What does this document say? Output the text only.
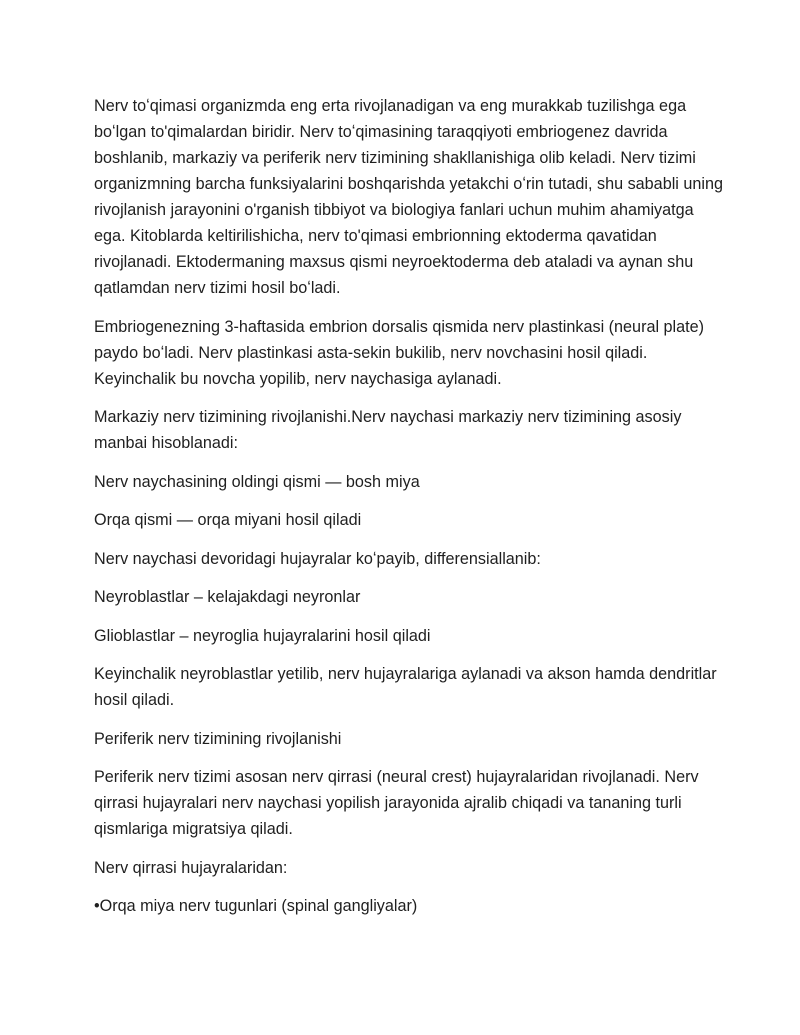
Nerv toʻqimasi organizmda eng erta rivojlanadigan va eng murakkab tuzilishga ega boʻlgan to'qimalardan biridir. Nerv toʻqimasining taraqqiyoti embriogenez davrida boshlanib, markaziy va periferik nerv tizimining shakllanishiga olib keladi. Nerv tizimi organizmning barcha funksiyalarini boshqarishda yetakchi oʻrin tutadi, shu sababli uning rivojlanish jarayonini o'rganish tibbiyot va biologiya fanlari uchun muhim ahamiyatga ega. Kitoblarda keltirilishicha, nerv to'qimasi embrionning ektoderma qavatidan rivojlanadi. Ektodermaning maxsus qismi neyroektoderma deb ataladi va aynan shu qatlamdan nerv tizimi hosil boʻladi.

Embriogenezning 3-haftasida embrion dorsalis qismida nerv plastinkasi (neural plate) paydo boʻladi. Nerv plastinkasi asta-sekin bukilib, nerv novchasini hosil qiladi. Keyinchalik bu novcha yopilib, nerv naychasiga aylanadi.

Markaziy nerv tizimining rivojlanishi.Nerv naychasi markaziy nerv tizimining asosiy manbai hisoblanadi:

Nerv naychasining oldingi qismi — bosh miya

Orqa qismi — orqa miyani hosil qiladi

Nerv naychasi devoridagi hujayralar koʻpayib, differensiallanib:

Neyroblastlar – kelajakdagi neyronlar

Glioblastlar – neyroglia hujayralarini hosil qiladi

Keyinchalik neyroblastlar yetilib, nerv hujayralariga aylanadi va akson hamda dendritlar hosil qiladi.

Periferik nerv tizimining rivojlanishi

Periferik nerv tizimi asosan nerv qirrasi (neural crest) hujayralaridan rivojlanadi. Nerv qirrasi hujayralari nerv naychasi yopilish jarayonida ajralib chiqadi va tananing turli qismlariga migratsiya qiladi.

Nerv qirrasi hujayralaridan:

•Orqa miya nerv tugunlari (spinal gangliyalar)
